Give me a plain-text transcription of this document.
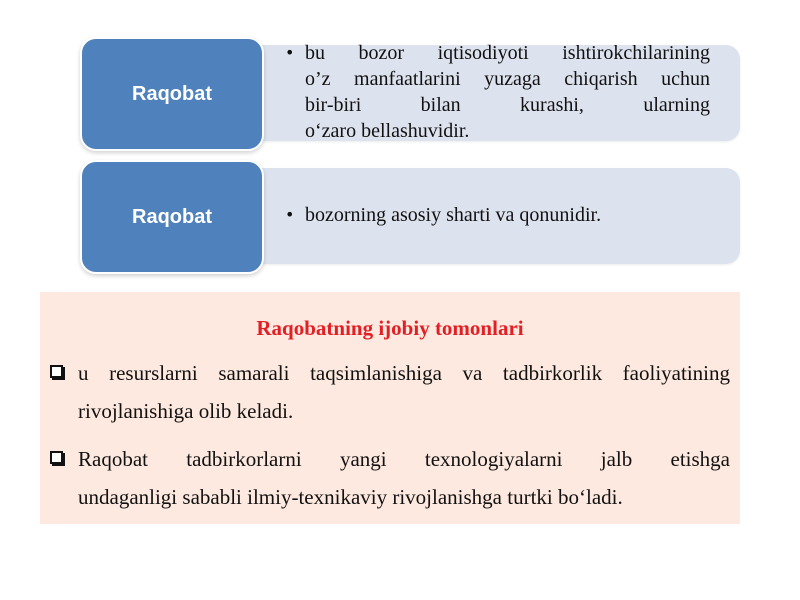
Raqobat
• bu bozor iqtisodiyoti ishtirokchilarining
o’z manfaatlarini yuzaga chiqarish uchun
bir-biri bilan kurashi, ularning
o‘zaro bellashuvidir.
Raqobat	• bozorning asosiy sharti va qonunidir.
Raqobatning ijobiy tomonlari
u resurslarni samarali taqsimlanishiga va tadbirkorlik faoliyatining
rivojlanishiga olib keladi.
Raqobat tadbirkorlarni yangi texnologiyalarni jalb etishga
undaganligi sababli ilmiy-texnikaviy rivojlanishga turtki bo‘ladi.
